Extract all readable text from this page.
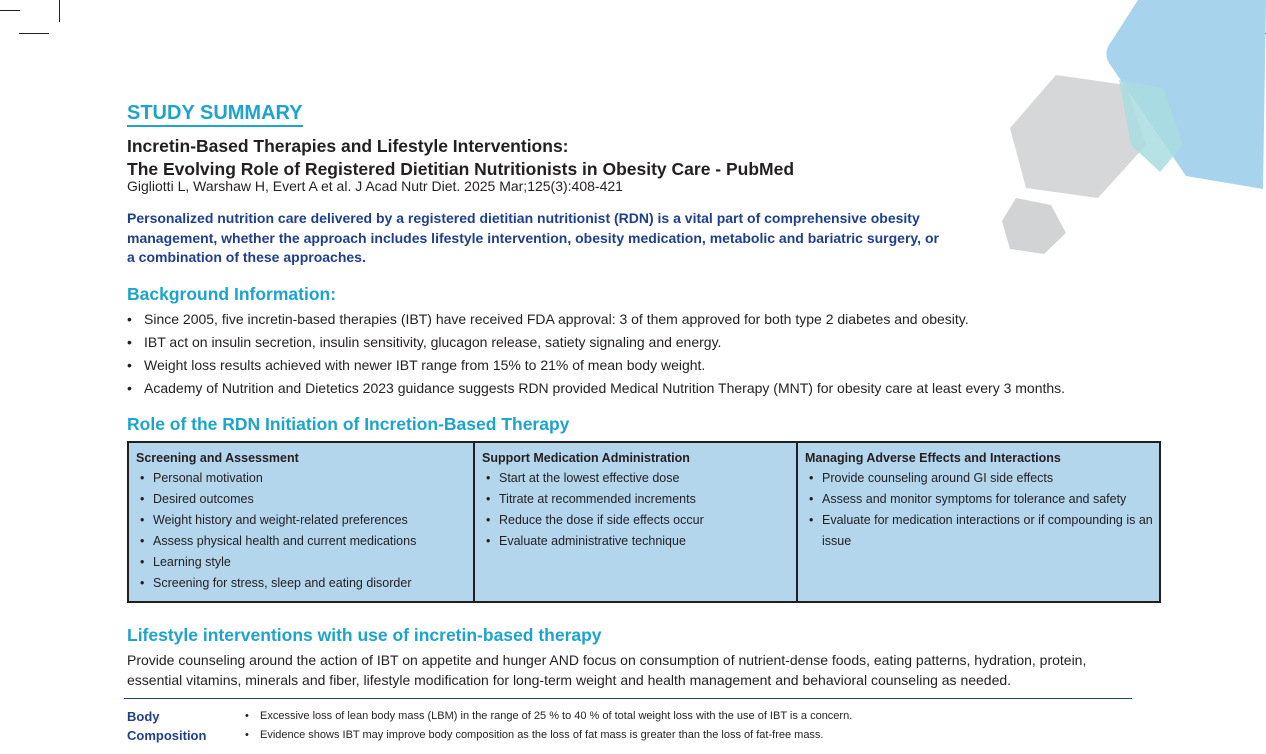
STUDY SUMMARY
Incretin-Based Therapies and Lifestyle Interventions:
The Evolving Role of Registered Dietitian Nutritionists in Obesity Care - PubMed
Gigliotti L, Warshaw H, Evert A et al. J Acad Nutr Diet. 2025 Mar;125(3):408-421

Personalized nutrition care delivered by a registered dietitian nutritionist (RDN) is a vital part of comprehensive obesity management, whether the approach includes lifestyle intervention, obesity medication, metabolic and bariatric surgery, or a combination of these approaches.

Background Information:
• Since 2005, five incretin-based therapies (IBT) have received FDA approval: 3 of them approved for both type 2 diabetes and obesity.
• IBT act on insulin secretion, insulin sensitivity, glucagon release, satiety signaling and energy.
• Weight loss results achieved with newer IBT range from 15% to 21% of mean body weight.
• Academy of Nutrition and Dietetics 2023 guidance suggests RDN provided Medical Nutrition Therapy (MNT) for obesity care at least every 3 months.
Role of the RDN Initiation of Incretion-Based Therapy
Screening and Assessment
• Personal motivation
• Desired outcomes
• Weight history and weight-related preferences
• Assess physical health and current medications
• Learning style
• Screening for stress, sleep and eating disorder
Support Medication Administration
• Start at the lowest effective dose
• Titrate at recommended increments
• Reduce the dose if side effects occur
• Evaluate administrative technique
Managing Adverse Effects and Interactions
• Provide counseling around GI side effects
• Assess and monitor symptoms for tolerance and safety
• Evaluate for medication interactions or if compounding is an issue
Lifestyle interventions with use of incretin-based therapy

Provide counseling around the action of IBT on appetite and hunger AND focus on consumption of nutrient-dense foods, eating patterns, hydration, protein, essential vitamins, minerals and fiber, lifestyle modification for long-term weight and health management and behavioral counseling as needed.

Body
Composition
• Excessive loss of lean body mass (LBM) in the range of 25 % to 40 % of total weight loss with the use of IBT is a concern.
• Evidence shows IBT may improve body composition as the loss of fat mass is greater than the loss of fat-free mass.
